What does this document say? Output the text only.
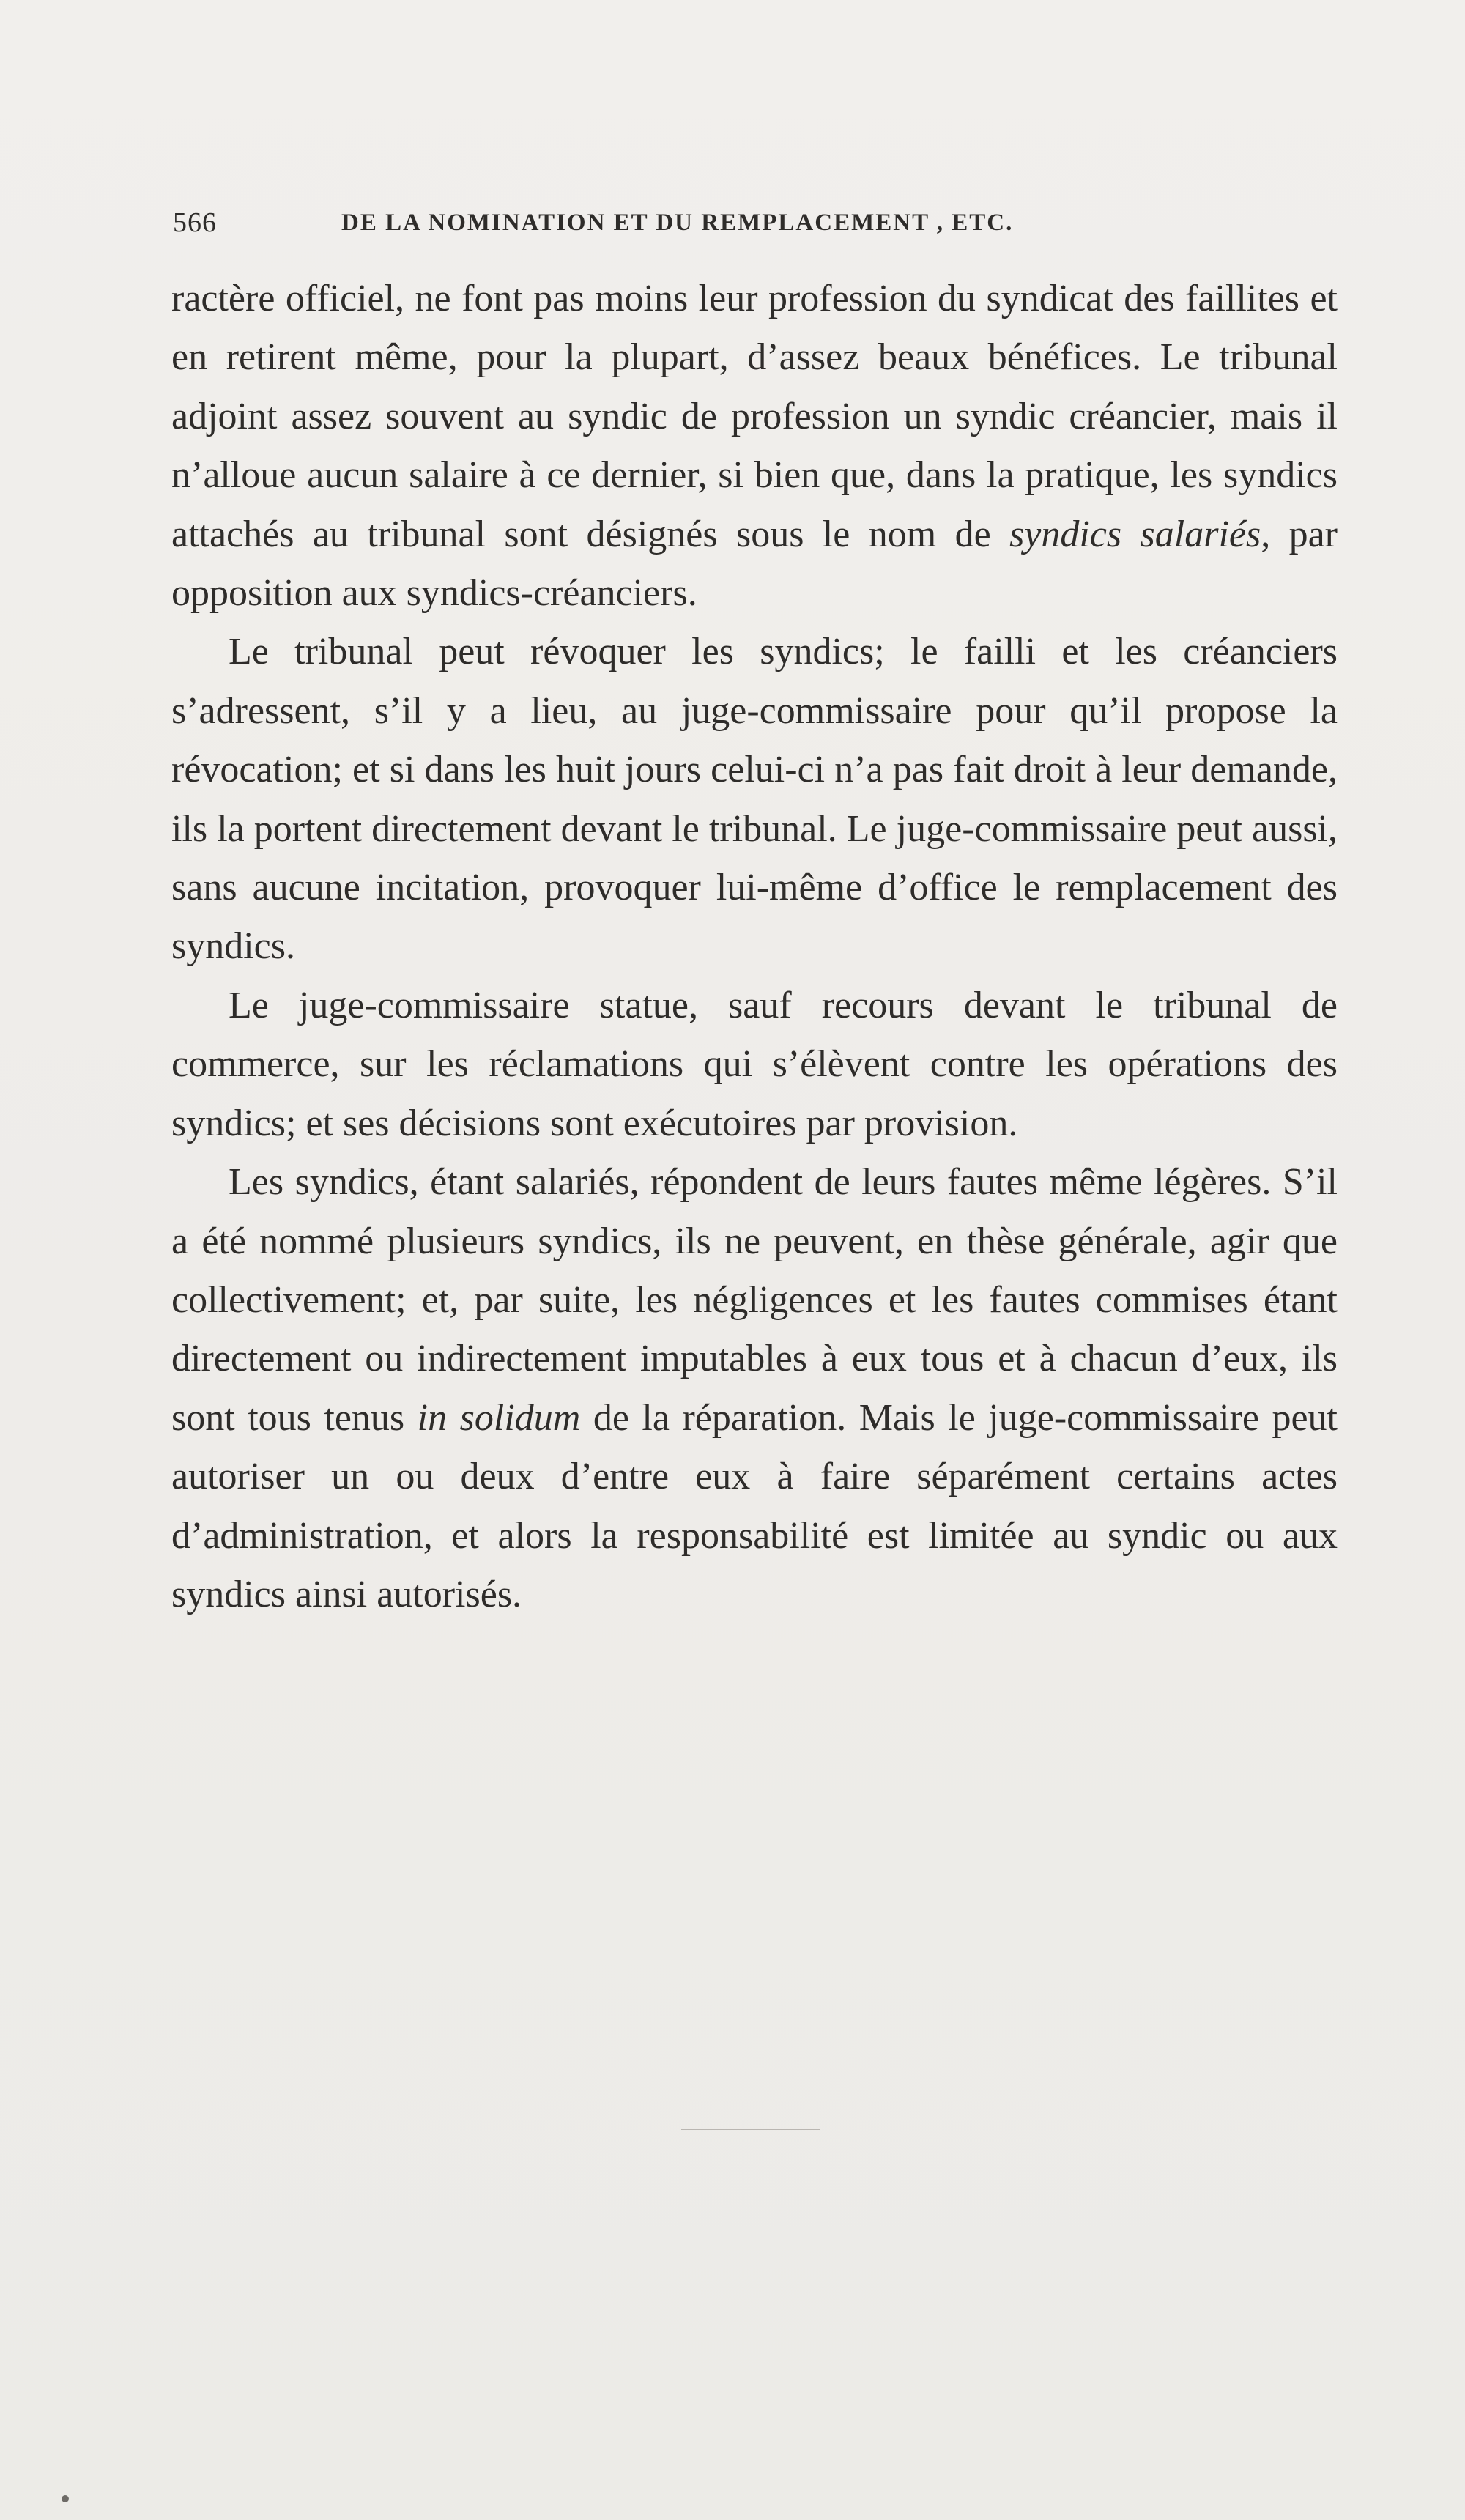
566	DE LA NOMINATION ET DU REMPLACEMENT , ETC.

ractère officiel, ne font pas moins leur profession du syndicat des faillites et en retirent même, pour la plupart, d’assez beaux bénéfices. Le tribunal adjoint assez souvent au syndic de profession un syndic créancier, mais il n’alloue aucun salaire à ce dernier, si bien que, dans la pratique, les syndics attachés au tribunal sont désignés sous le nom de syndics salariés, par opposition aux syndics-créanciers.

Le tribunal peut révoquer les syndics; le failli et les créanciers s’adressent, s’il y a lieu, au juge-commissaire pour qu’il propose la révocation; et si dans les huit jours celui-ci n’a pas fait droit à leur demande, ils la portent directement devant le tribunal. Le juge-commissaire peut aussi, sans aucune incitation, provoquer lui-même d’office le remplacement des syndics.

Le juge-commissaire statue, sauf recours devant le tribunal de commerce, sur les réclamations qui s’élèvent contre les opérations des syndics; et ses décisions sont exécutoires par provision.

Les syndics, étant salariés, répondent de leurs fautes même légères. S’il a été nommé plusieurs syndics, ils ne peuvent, en thèse générale, agir que collectivement; et, par suite, les négligences et les fautes commises étant directement ou indirectement imputables à eux tous et à chacun d’eux, ils sont tous tenus in solidum de la réparation. Mais le juge-commissaire peut autoriser un ou deux d’entre eux à faire séparément certains actes d’administration, et alors la responsabilité est limitée au syndic ou aux syndics ainsi autorisés.
